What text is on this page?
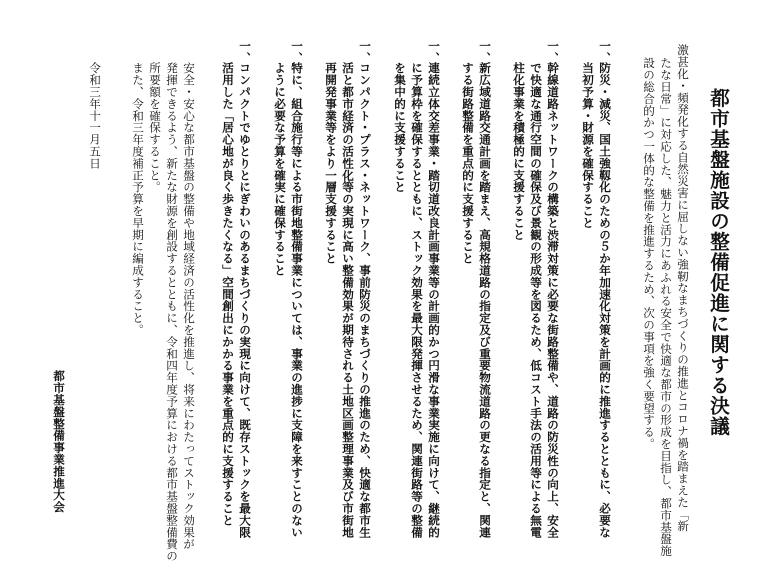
都市基盤施設の整備促進に関する決議
激甚化・頻発化する自然災害に屈しない強靭なまちづくりの推進とコロナ禍を踏まえた「新
たな日常」に対応した、魅力と活力にあふれる安全で快適な都市の形成を目指し、都市基盤施
設の総合的かつ一体的な整備を推進するため、次の事項を強く要望する。
一、
防災・減災、国土強靱化のための５か年加速化対策を計画的に推進するとともに、必要な
当初予算・財源を確保すること
一、
幹線道路ネットワークの構築と渋滞対策に必要な街路整備や、道路の防災性の向上、安全
で快適な通行空間の確保及び景観の形成等を図るため、低コスト手法の活用等による無電
柱化事業を積極的に支援すること
一、
新広域道路交通計画を踏まえ、高規格道路の指定及び重要物流道路の更なる指定と、関連
する街路整備を重点的に支援すること
一、
連続立体交差事業・踏切道改良計画事業等の計画的かつ円滑な事業実施に向けて、継続的
に予算枠を確保するとともに、ストック効果を最大限発揮させるため、関連街路等の整備
を集中的に支援すること
一、
コンパクト・プラス・ネットワーク、事前防災のまちづくりの推進のため、快適な都市生
活と都市経済の活性化等の実現に高い整備効果が期待される土地区画整理事業及び市街地
再開発事業等をより一層支援すること
一、
特に、組合施行等による市街地整備事業については、事業の進捗に支障を来すことのない
ように必要な予算を確実に確保すること
一、
コンパクトでゆとりとにぎわいのあるまちづくりの実現に向けて、既存ストックを最大限
活用した「居心地が良く歩きたくなる」空間創出にかかる事業を重点的に支援すること
安全・安心な都市基盤の整備や地域経済の活性化を推進し、将来にわたってストック効果が
発揮できるよう、新たな財源を創設するとともに、令和四年度予算における都市基盤整備費の
所要額を確保すること。
また、令和三年度補正予算を早期に編成すること。
令和三年十一月五日
都市基盤整備事業推進大会
